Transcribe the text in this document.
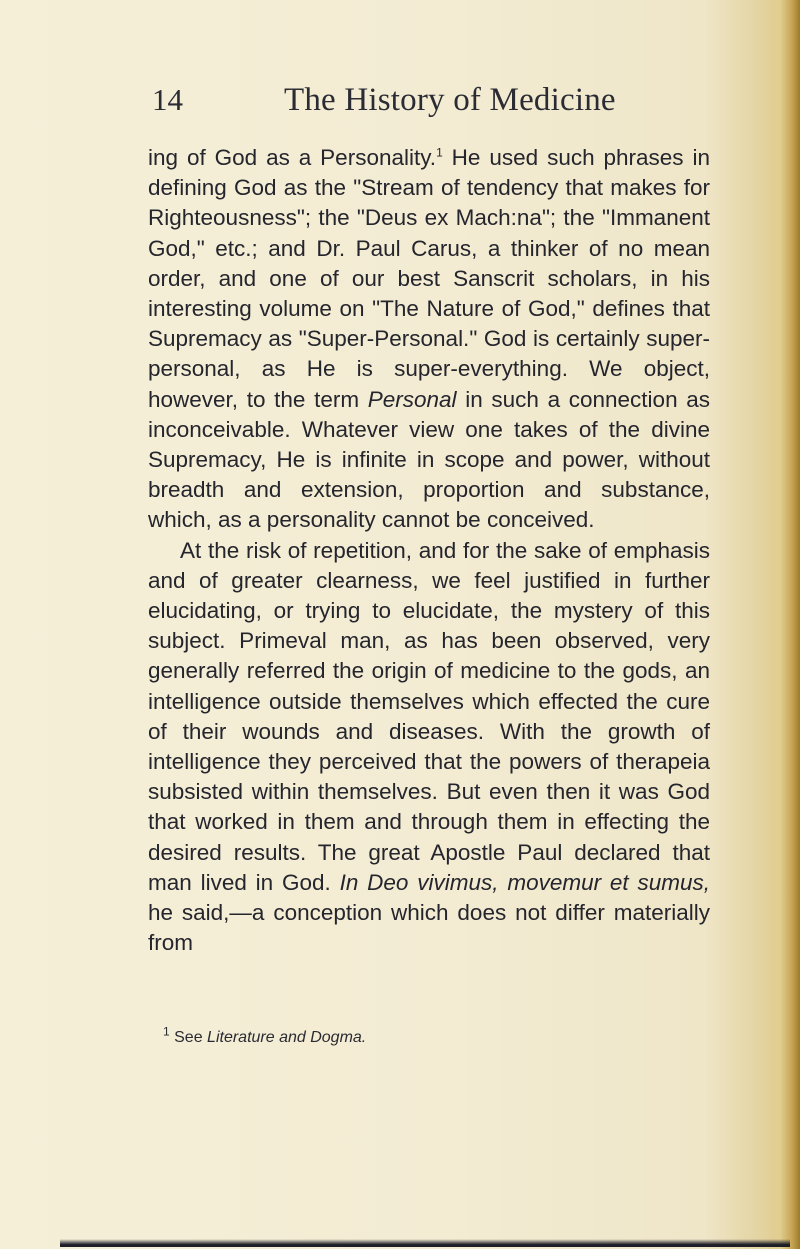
14	The History of Medicine

ing of God as a Personality.$^1$ He used such phrases in defining God as the "Stream of tendency that makes for Righteousness"; the "Deus ex Mach:na"; the "Immanent God," etc.; and Dr. Paul Carus, a thinker of no mean order, and one of our best Sanscrit scholars, in his interesting volume on "The Nature of God," defines that Supremacy as "Super-Personal." God is certainly super-personal, as He is super-everything. We object, however, to the term Personal in such a connection as inconceivable. Whatever view one takes of the divine Supremacy, He is infinite in scope and power, without breadth and extension, proportion and substance, which, as a personality cannot be conceived.

At the risk of repetition, and for the sake of emphasis and of greater clearness, we feel justified in further elucidating, or trying to elucidate, the mystery of this subject. Primeval man, as has been observed, very generally referred the origin of medicine to the gods, an intelligence outside themselves which effected the cure of their wounds and diseases. With the growth of intelligence they perceived that the powers of therapeia subsisted within themselves. But even then it was God that worked in them and through them in effecting the desired results. The great Apostle Paul declared that man lived in God. In Deo vivimus, movemur et sumus, he said,—a conception which does not differ materially from

$^1$ See Literature and Dogma.
